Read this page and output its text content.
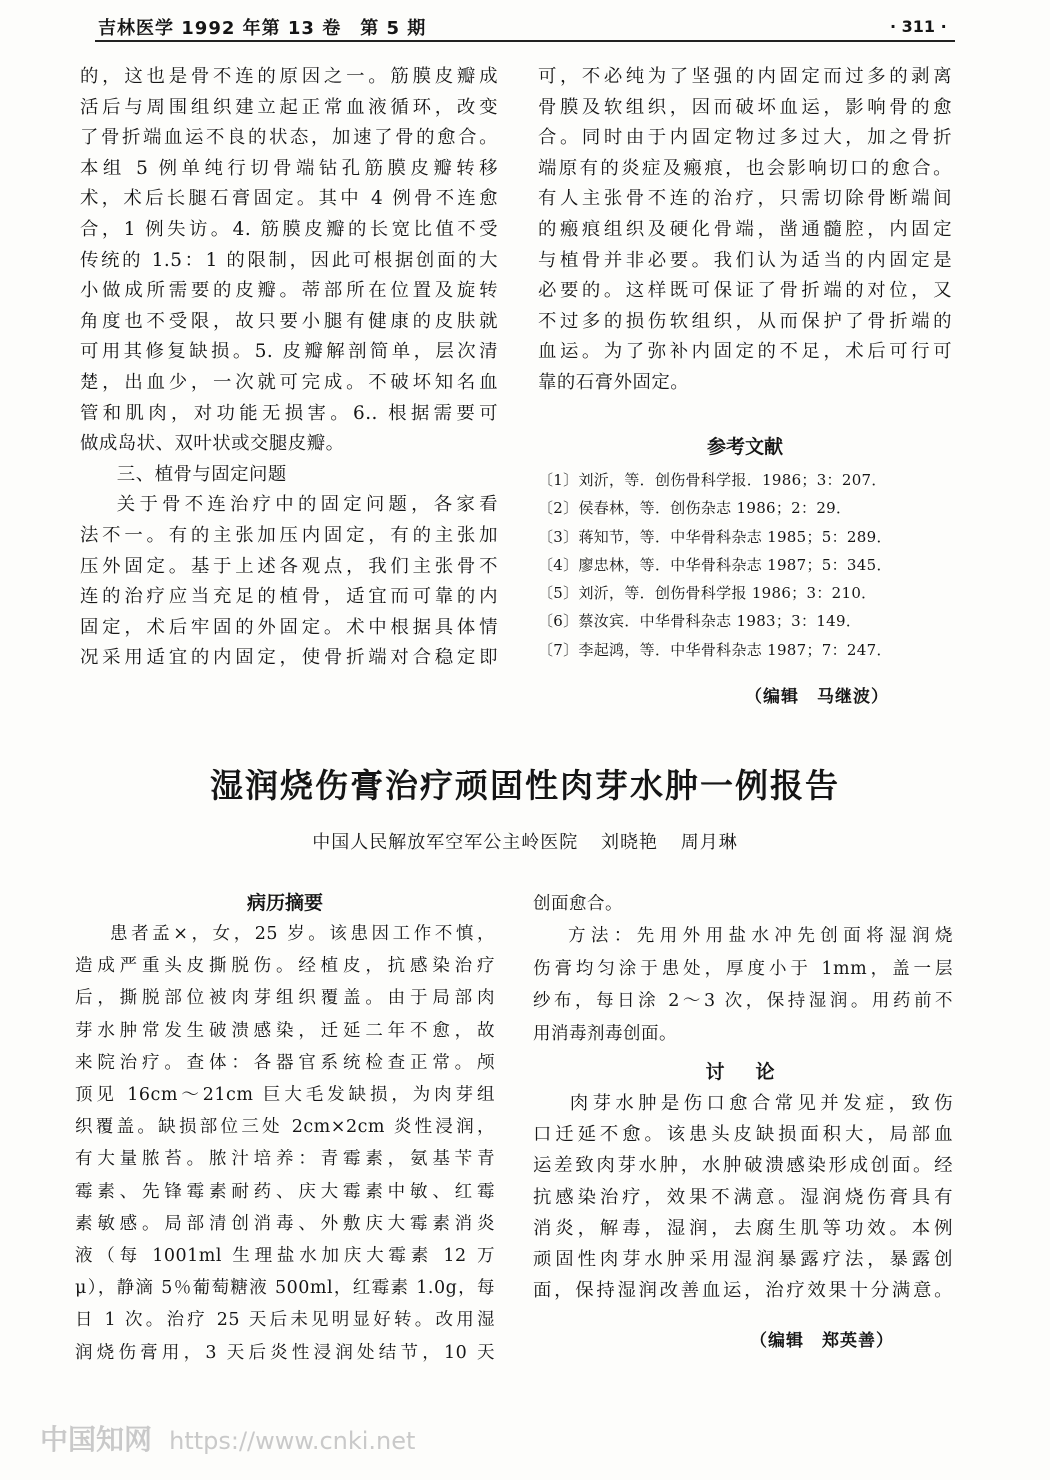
吉林医学 1992 年第 13 卷　第 5 期	· 311 ·

的，这也是骨不连的原因之一。筋膜皮瓣成

活后与周围组织建立起正常血液循环，改变

了骨折端血运不良的状态，加速了骨的愈合。

本组 5 例单纯行切骨端钻孔筋膜皮瓣转移

术，术后长腿石膏固定。其中 4 例骨不连愈

合，1 例失访。4. 筋膜皮瓣的长宽比值不受

传统的 1.5：1 的限制，因此可根据创面的大

小做成所需要的皮瓣。蒂部所在位置及旋转

角度也不受限，故只要小腿有健康的皮肤就

可用其修复缺损。5. 皮瓣解剖简单，层次清

楚，出血少，一次就可完成。不破坏知名血

管和肌肉，对功能无损害。6.. 根据需要可

做成岛状、双叶状或交腿皮瓣。

三、植骨与固定问题

关于骨不连治疗中的固定问题，各家看

法不一。有的主张加压内固定，有的主张加

压外固定。基于上述各观点，我们主张骨不

连的治疗应当充足的植骨，适宜而可靠的内

固定，术后牢固的外固定。术中根据具体情

况采用适宜的内固定，使骨折端对合稳定即

可，不必纯为了坚强的内固定而过多的剥离

骨膜及软组织，因而破坏血运，影响骨的愈

合。同时由于内固定物过多过大，加之骨折

端原有的炎症及瘢痕，也会影响切口的愈合。

有人主张骨不连的治疗，只需切除骨断端间

的瘢痕组织及硬化骨端，凿通髓腔，内固定

与植骨并非必要。我们认为适当的内固定是

必要的。这样既可保证了骨折端的对位，又

不过多的损伤软组织，从而保护了骨折端的

血运。为了弥补内固定的不足，术后可行可

靠的石膏外固定。

参考文献
〔1〕刘沂，等．创伤骨科学报．1986；3：207．
〔2〕侯春林，等．创伤杂志 1986；2：29．
〔3〕蒋知节，等．中华骨科杂志 1985；5：289．
〔4〕廖忠林，等．中华骨科杂志 1987；5：345．
〔5〕刘沂，等．创伤骨科学报 1986；3：210．
〔6〕蔡汝宾．中华骨科杂志 1983；3：149．
〔7〕李起鸿，等．中华骨科杂志 1987；7：247．
（编辑　马继波）
湿润烧伤膏治疗顽固性肉芽水肿一例报告
中国人民解放军空军公主岭医院 刘晓艳 周月琳
病历摘要

患者孟×，女，25 岁。该患因工作不慎，

造成严重头皮撕脱伤。经植皮，抗感染治疗

后，撕脱部位被肉芽组织覆盖。由于局部肉

芽水肿常发生破溃感染，迁延二年不愈，故

来院治疗。查体：各器官系统检查正常。颅

顶见 16cm～21cm 巨大毛发缺损，为肉芽组

织覆盖。缺损部位三处 2cm×2cm 炎性浸润，

有大量脓苔。脓汁培养：青霉素，氨基苄青

霉素、先锋霉素耐药、庆大霉素中敏、红霉

素敏感。局部清创消毒、外敷庆大霉素消炎

液（每 1001ml 生理盐水加庆大霉素 12 万

μ），静滴 5％葡萄糖液 500ml，红霉素 1.0g，每

日 1 次。治疗 25 天后未见明显好转。改用湿

润烧伤膏用，3 天后炎性浸润处结节，10 天

创面愈合。

方法：先用外用盐水冲先创面将湿润烧

伤膏均匀涂于患处，厚度小于 1mm，盖一层

纱布，每日涂 2～3 次，保持湿润。用药前不

用消毒剂毒创面。

讨　论

肉芽水肿是伤口愈合常见并发症，致伤

口迁延不愈。该患头皮缺损面积大，局部血

运差致肉芽水肿，水肿破溃感染形成创面。经

抗感染治疗，效果不满意。湿润烧伤膏具有

消炎，解毒，湿润，去腐生肌等功效。本例

顽固性肉芽水肿采用湿润暴露疗法，暴露创

面，保持湿润改善血运，治疗效果十分满意。

（编辑　郑英善）
中国知网 https://www.cnki.net
